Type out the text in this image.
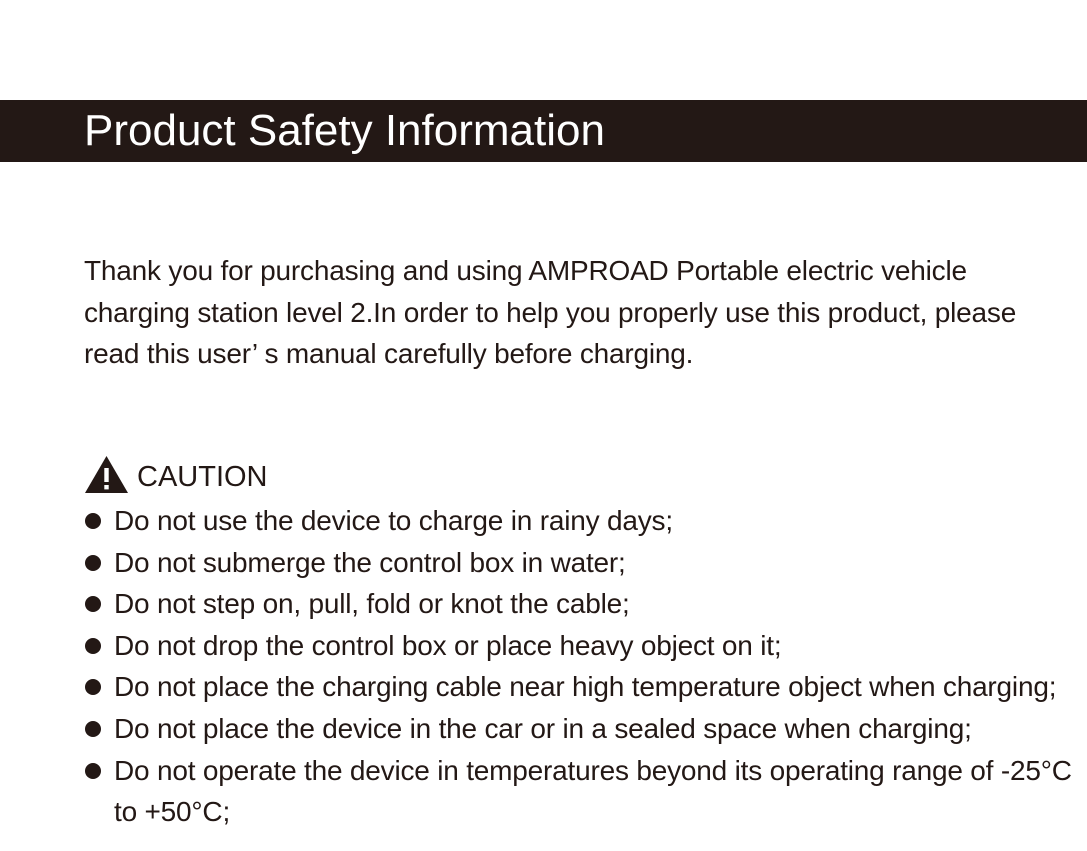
Product Safety Information

Thank you for purchasing and using AMPROAD Portable electric vehicle charging station level 2.In order to help you properly use this product, please read this user’ s manual carefully before charging.

CAUTION
Do not use the device to charge in rainy days;
Do not submerge the control box in water;
Do not step on, pull, fold or knot the cable;
Do not drop the control box or place heavy object on it;
Do not place the charging cable near high temperature object when charging;
Do not place the device in the car or in a sealed space when charging;
Do not operate the device in temperatures beyond its operating range of -25°C to +50°C;
